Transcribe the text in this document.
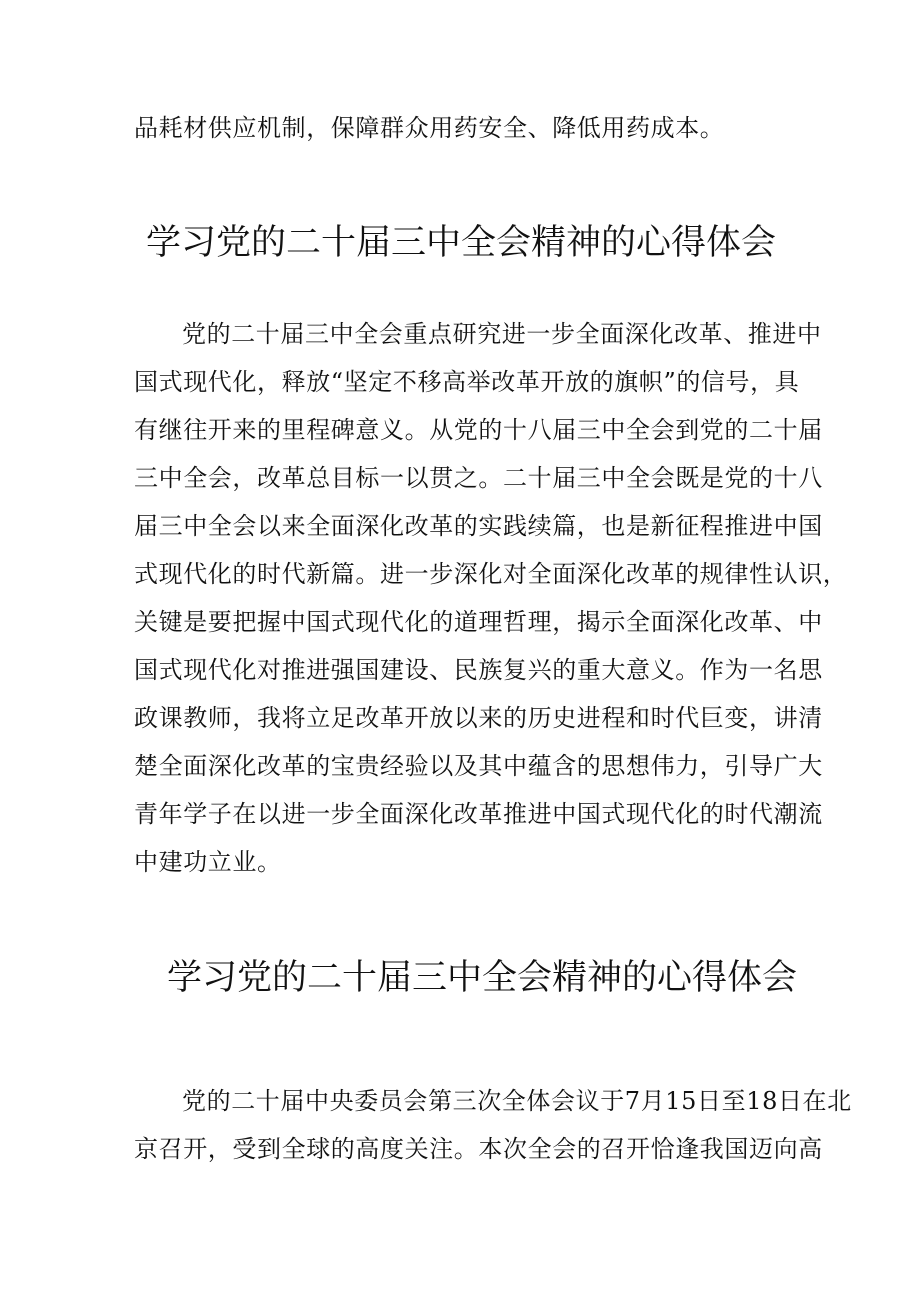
品耗材供应机制，保障群众用药安全、降低用药成本。
学习党的二十届三中全会精神的心得体会
党的二十届三中全会重点研究进一步全面深化改革、推进中
国式现代化，释放“坚定不移高举改革开放的旗帜”的信号，具
有继往开来的里程碑意义。从党的十八届三中全会到党的二十届
三中全会，改革总目标一以贯之。二十届三中全会既是党的十八
届三中全会以来全面深化改革的实践续篇，也是新征程推进中国
式现代化的时代新篇。进一步深化对全面深化改革的规律性认识，
关键是要把握中国式现代化的道理哲理，揭示全面深化改革、中
国式现代化对推进强国建设、民族复兴的重大意义。作为一名思
政课教师，我将立足改革开放以来的历史进程和时代巨变，讲清
楚全面深化改革的宝贵经验以及其中蕴含的思想伟力，引导广大
青年学子在以进一步全面深化改革推进中国式现代化的时代潮流
中建功立业。
学习党的二十届三中全会精神的心得体会
党的二十届中央委员会第三次全体会议于7月15日至18日在北
京召开，受到全球的高度关注。本次全会的召开恰逢我国迈向高
